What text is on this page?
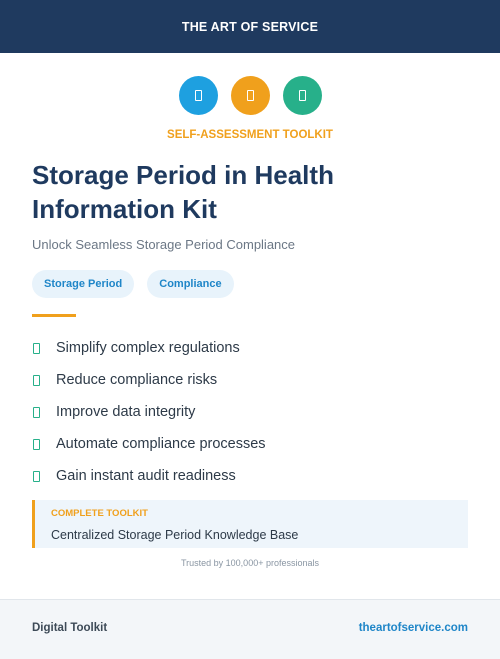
THE ART OF SERVICE
SELF-ASSESSMENT TOOLKIT
Storage Period in Health Information Kit
Unlock Seamless Storage Period Compliance
Storage Period	Compliance
Simplify complex regulations
Reduce compliance risks
Improve data integrity
Automate compliance processes
Gain instant audit readiness
COMPLETE TOOLKIT
Centralized Storage Period Knowledge Base
Trusted by 100,000+ professionals
Digital Toolkit	theartofservice.com
